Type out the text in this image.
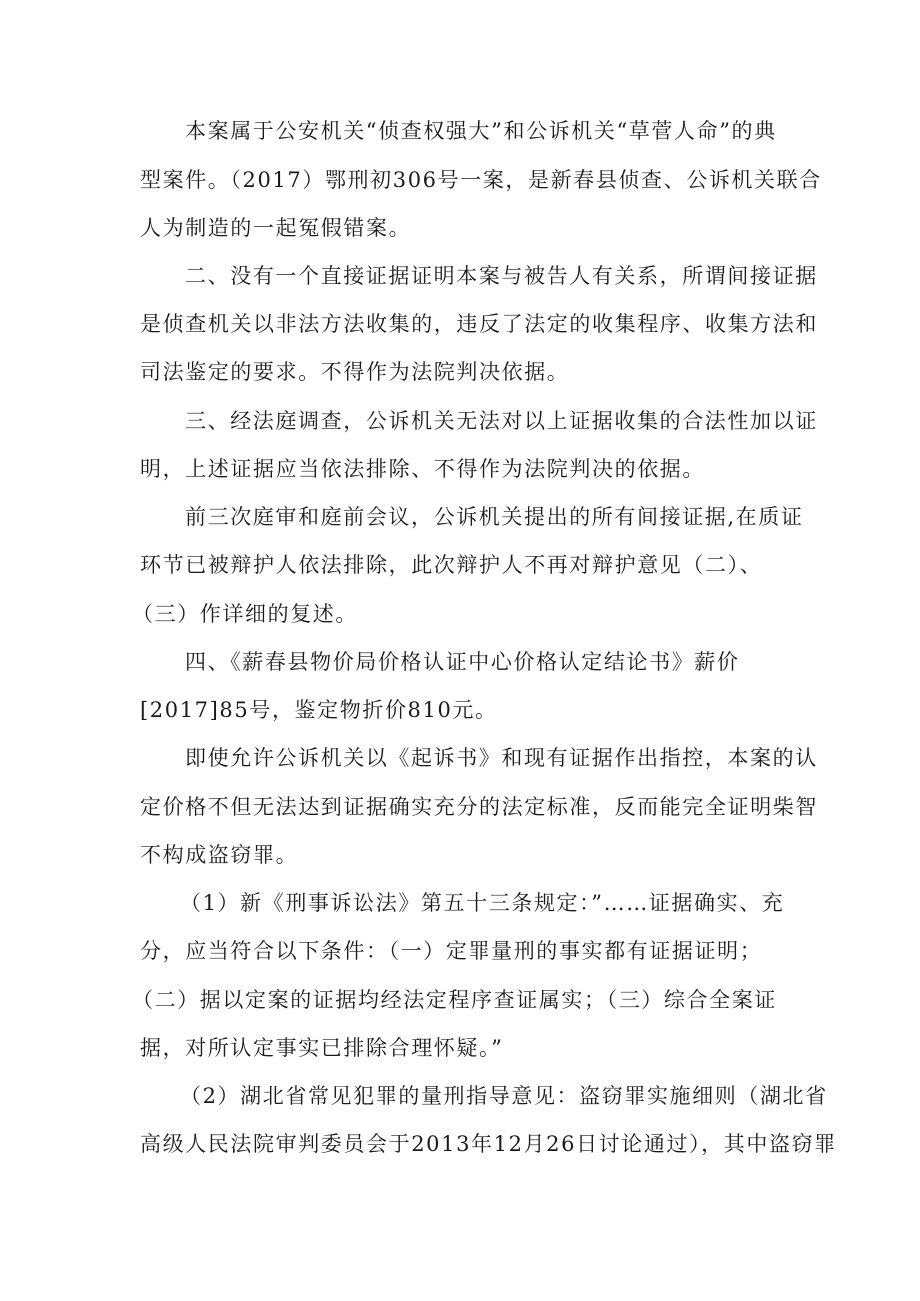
本案属于公安机关“侦查权强大”和公诉机关“草菅人命”的典
型案件。（2017）鄂刑初306号一案，是新春县侦查、公诉机关联合
人为制造的一起冤假错案。
二、没有一个直接证据证明本案与被告人有关系，所谓间接证据
是侦查机关以非法方法收集的，违反了法定的收集程序、收集方法和
司法鉴定的要求。不得作为法院判决依据。
三、经法庭调查，公诉机关无法对以上证据收集的合法性加以证
明，上述证据应当依法排除、不得作为法院判决的依据。
前三次庭审和庭前会议，公诉机关提出的所有间接证据,在质证
环节已被辩护人依法排除，此次辩护人不再对辩护意见（二）、
（三）作详细的复述。
四、《薪春县物价局价格认证中心价格认定结论书》薪价
[2017]85号，鉴定物折价810元。
即使允许公诉机关以《起诉书》和现有证据作出指控，本案的认
定价格不但无法达到证据确实充分的法定标准，反而能完全证明柴智
不构成盗窃罪。
（1）新《刑事诉讼法》第五十三条规定：”……证据确实、充
分，应当符合以下条件：（一）定罪量刑的事实都有证据证明；
（二）据以定案的证据均经法定程序查证属实；（三）综合全案证
据，对所认定事实已排除合理怀疑。”
（2）湖北省常见犯罪的量刑指导意见：盗窃罪实施细则（湖北省
高级人民法院审判委员会于2013年12月26日讨论通过），其中盗窃罪
